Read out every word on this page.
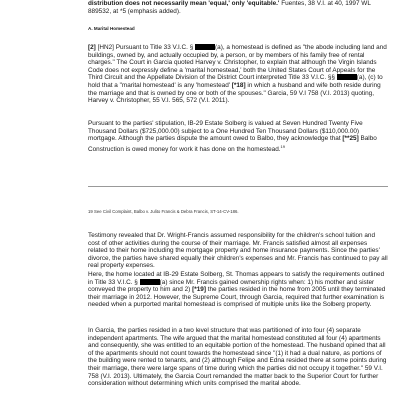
distribution does not necessarily mean 'equal,' only 'equitable.' Fuentes, 38 V.I. at 40, 1997 WL 889532, at *5 (emphasis added).

A. Marital Homestead

[2] [HN2] Pursuant to Title 33 V.I.C. §	(a), a homestead is defined as "the abode including land and buildings, owned by, and actually occupied by, a person, or by members of his family free of rental charges." The Court in Garcia quoted Harvey v. Christopher, to explain that although the Virgin Islands Code does not expressly define a 'marital homestead,' both the United States Court of Appeals for the Third Circuit and the Appellate Division of the District Court interpreted Title 33 V.I.C. §§	(a), (c) to hold that a "marital homestead' is any 'homestead' [*18] in which a husband and wife both reside during the marriage and that is owned by one or both of the spouses." Garcia, 59 V.I 758 (V.I. 2013) quoting, Harvey v. Christopher, 55 V.I. 565, 572 (V.I. 2011).

Pursuant to the parties' stipulation, IB-29 Estate Solberg is valued at Seven Hundred Twenty Five Thousand Dollars ($725,000.00) subject to a One Hundred Ten Thousand Dollars ($110,000.00) mortgage. Although the parties dispute the amount owed to Balbo, they acknowledge that [**25] Balbo Construction is owed money for work it has done on the homestead.$^{19}$

19 See Civil Complaint, Balbo v. Julito Francis & Debra Francis, ST-14-CV-186.

Testimony revealed that Dr. Wright-Francis assumed responsibility for the children's school tuition and cost of other activities during the course of their marriage. Mr. Francis satisfied almost all expenses related to their home including the mortgage property and home insurance payments. Since the parties' divorce, the parties have shared equally their children's expenses and Mr. Francis has continued to pay all real property expenses.

Here, the home located at IB-29 Estate Solberg, St. Thomas appears to satisfy the requirements outlined in Title 33 V.I.C. §	(a) since Mr. Francis gained ownership rights when: 1) his mother and sister conveyed the property to him and 2) [*19] the parties resided in the home from 2005 until they terminated their marriage in 2012. However, the Supreme Court, through Garcia, required that further examination is needed when a purported marital homestead is comprised of multiple units like the Solberg property.

In Garcia, the parties resided in a two level structure that was partitioned of into four (4) separate independent apartments. The wife argued that the marital homestead constituted all four (4) apartments and consequently, she was entitled to an equitable portion of the homestead. The husband opined that all of the apartments should not count towards the homestead since "(1) it had a dual nature, as portions of the building were rented to tenants, and (2) although Felipe and Edna resided there at some points during their marriage, there were large spans of time during which the parties did not occupy it together." 59 V.I. 758 (V.I. 2013). Ultimately, the Garcia Court remanded the matter back to the Superior Court for further consideration without determining which units comprised the marital abode.
